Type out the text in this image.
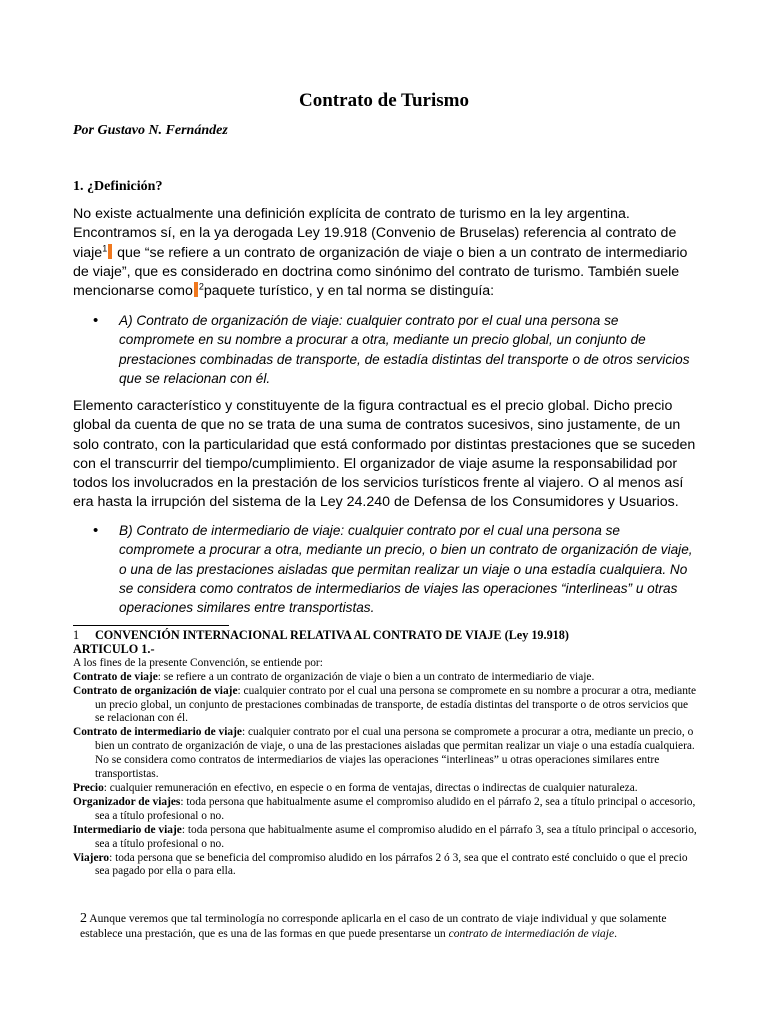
Contrato de Turismo
Por Gustavo N. Fernández
1. ¿Definición?
No existe actualmente una definición explícita de contrato de turismo en la ley argentina. Encontramos sí, en la ya derogada Ley 19.918 (Convenio de Bruselas) referencia al contrato de viaje$^1$ que “se refiere a un contrato de organización de viaje o bien a un contrato de intermediario de viaje”, que es considerado en doctrina como sinónimo del contrato de turismo. También suele mencionarse como $^2$paquete turístico, y en tal norma se distinguía:
• A) Contrato de organización de viaje: cualquier contrato por el cual una persona se compromete en su nombre a procurar a otra, mediante un precio global, un conjunto de prestaciones combinadas de transporte, de estadía distintas del transporte o de otros servicios que se relacionan con él.
Elemento característico y constituyente de la figura contractual es el precio global. Dicho precio global da cuenta de que no se trata de una suma de contratos sucesivos, sino justamente, de un solo contrato, con la particularidad que está conformado por distintas prestaciones que se suceden con el transcurrir del tiempo/cumplimiento. El organizador de viaje asume la responsabilidad por todos los involucrados en la prestación de los servicios turísticos frente al viajero. O al menos así era hasta la irrupción del sistema de la Ley 24.240 de Defensa de los Consumidores y Usuarios.
• B) Contrato de intermediario de viaje: cualquier contrato por el cual una persona se compromete a procurar a otra, mediante un precio, o bien un contrato de organización de viaje, o una de las prestaciones aisladas que permitan realizar un viaje o una estadía cualquiera. No se considera como contratos de intermediarios de viajes las operaciones “interlineas” u otras operaciones similares entre transportistas.
1 CONVENCIÓN INTERNACIONAL RELATIVA AL CONTRATO DE VIAJE (Ley 19.918)
ARTICULO 1.-
A los fines de la presente Convención, se entiende por:
Contrato de viaje: se refiere a un contrato de organización de viaje o bien a un contrato de intermediario de viaje.
Contrato de organización de viaje: cualquier contrato por el cual una persona se compromete en su nombre a procurar a otra, mediante un precio global, un conjunto de prestaciones combinadas de transporte, de estadía distintas del transporte o de otros servicios que se relacionan con él.
Contrato de intermediario de viaje: cualquier contrato por el cual una persona se compromete a procurar a otra, mediante un precio, o bien un contrato de organización de viaje, o una de las prestaciones aisladas que permitan realizar un viaje o una estadía cualquiera. No se considera como contratos de intermediarios de viajes las operaciones “interlineas” u otras operaciones similares entre transportistas.
Precio: cualquier remuneración en efectivo, en especie o en forma de ventajas, directas o indirectas de cualquier naturaleza.
Organizador de viajes: toda persona que habitualmente asume el compromiso aludido en el párrafo 2, sea a título principal o accesorio, sea a título profesional o no.
Intermediario de viaje: toda persona que habitualmente asume el compromiso aludido en el párrafo 3, sea a título principal o accesorio, sea a título profesional o no.
Viajero: toda persona que se beneficia del compromiso aludido en los párrafos 2 ó 3, sea que el contrato esté concluido o que el precio sea pagado por ella o para ella.
2 Aunque veremos que tal terminología no corresponde aplicarla en el caso de un contrato de viaje individual y que solamente establece una prestación, que es una de las formas en que puede presentarse un contrato de intermediación de viaje.
